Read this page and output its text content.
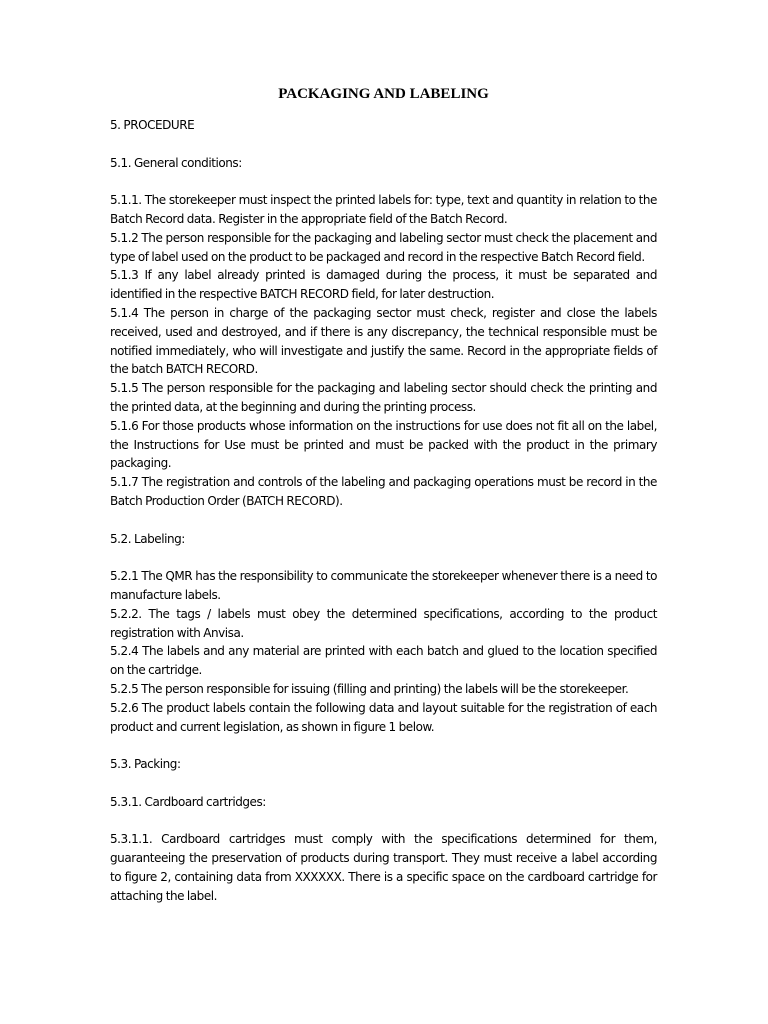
PACKAGING AND LABELING

5. PROCEDURE

5.1. General conditions:

5.1.1. The storekeeper must inspect the printed labels for: type, text and quantity in relation to the Batch Record data. Register in the appropriate field of the Batch Record.

5.1.2 The person responsible for the packaging and labeling sector must check the placement and type of label used on the product to be packaged and record in the respective Batch Record field.

5.1.3 If any label already printed is damaged during the process, it must be separated and identified in the respective BATCH RECORD field, for later destruction.

5.1.4 The person in charge of the packaging sector must check, register and close the labels received, used and destroyed, and if there is any discrepancy, the technical responsible must be notified immediately, who will investigate and justify the same. Record in the appropriate fields of the batch BATCH RECORD.

5.1.5 The person responsible for the packaging and labeling sector should check the printing and the printed data, at the beginning and during the printing process.

5.1.6 For those products whose information on the instructions for use does not fit all on the label, the Instructions for Use must be printed and must be packed with the product in the primary packaging.

5.1.7 The registration and controls of the labeling and packaging operations must be record in the Batch Production Order (BATCH RECORD).

5.2. Labeling:

5.2.1 The QMR has the responsibility to communicate the storekeeper whenever there is a need to manufacture labels.

5.2.2. The tags / labels must obey the determined specifications, according to the product registration with Anvisa.

5.2.4 The labels and any material are printed with each batch and glued to the location specified on the cartridge.

5.2.5 The person responsible for issuing (filling and printing) the labels will be the storekeeper.

5.2.6 The product labels contain the following data and layout suitable for the registration of each product and current legislation, as shown in figure 1 below.

5.3. Packing:

5.3.1. Cardboard cartridges:

5.3.1.1. Cardboard cartridges must comply with the specifications determined for them, guaranteeing the preservation of products during transport. They must receive a label according to figure 2, containing data from XXXXXX. There is a specific space on the cardboard cartridge for attaching the label.
